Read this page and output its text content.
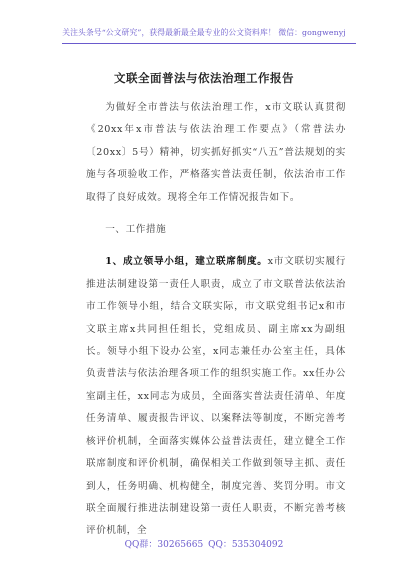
关注头条号“公文研究”，获得最新最全最专业的公文资料库！ 微信：gongwenyj
文联全面普法与依法治理工作报告

为做好全市普法与依法治理工作，x市文联认真贯彻《20xx年x市普法与依法治理工作要点》（常普法办〔20xx〕5号）精神，切实抓好抓实“八五”普法规划的实施与各项验收工作，严格落实普法责任制，依法治市工作取得了良好成效。现将全年工作情况报告如下。

一、工作措施

1、成立领导小组，建立联席制度。x市文联切实履行推进法制建设第一责任人职责，成立了市文联普法依法治市工作领导小组，结合文联实际，市文联党组书记x和市文联主席x共同担任组长，党组成员、副主席xx为副组长。领导小组下设办公室，x同志兼任办公室主任，具体负责普法与依法治理各项工作的组织实施工作。xx任办公室副主任，xx同志为成员，全面落实普法责任清单、年度任务清单、履责报告评议、以案释法等制度，不断完善考核评价机制，全面落实媒体公益普法责任，建立健全工作联席制度和评价机制，确保相关工作做到领导主抓、责任到人，任务明确、机构健全，制度完善、奖罚分明。市文联全面履行推进法制建设第一责任人职责，不断完善考核评价机制，全

QQ群：30265665 QQ：535304092
